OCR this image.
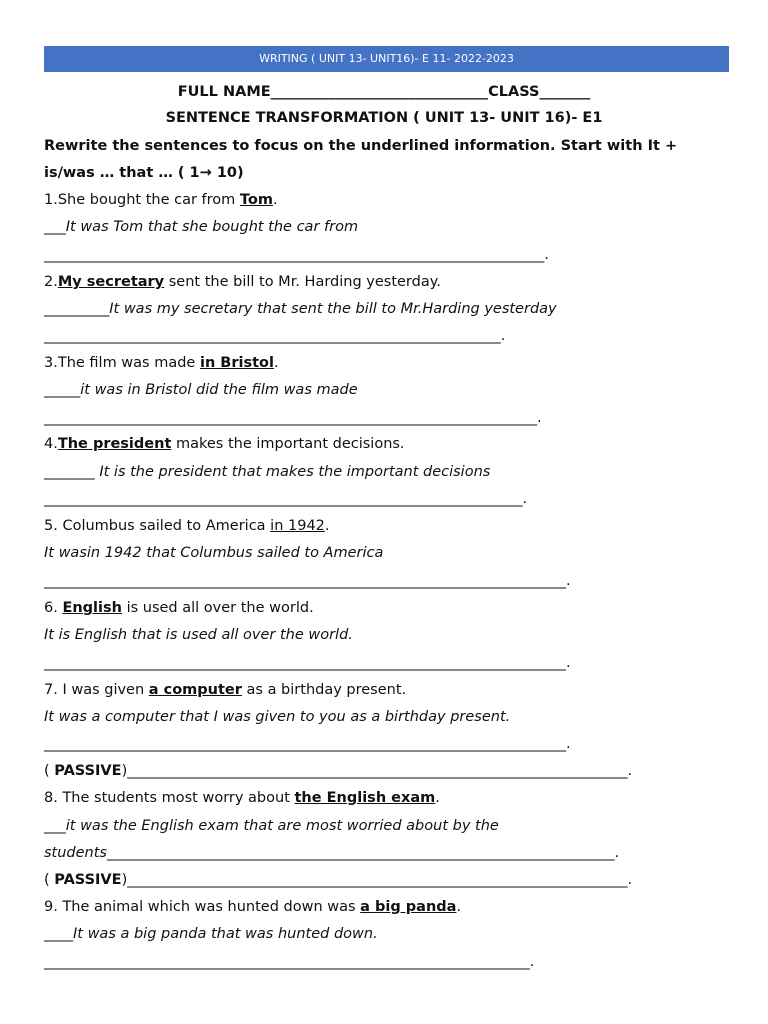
WRITING ( UNIT 13- UNIT16)- E 11- 2022-2023
FULL NAME______________________________CLASS_______
SENTENCE TRANSFORMATION ( UNIT 13- UNIT 16)- E1
Rewrite the sentences to focus on the underlined information. Start with It +
is/was … that … ( 1→ 10)
1.She bought the car from Tom.
___It was Tom that she bought the car from
_____________________________________________________________________.
2.My secretary sent the bill to Mr. Harding yesterday.
_________It was my secretary that sent the bill to Mr.Harding yesterday
_______________________________________________________________.
3.The film was made in Bristol.
_____it was in Bristol did the film was made
____________________________________________________________________.
4.The president makes the important decisions.
_______ It is the president that makes the important decisions
__________________________________________________________________.
5. Columbus sailed to America in 1942.
It wasin 1942 that Columbus sailed to America
________________________________________________________________________.
6. English is used all over the world.
It is English that is used all over the world.
________________________________________________________________________.
7. I was given a computer as a birthday present.
It was a computer that I was given to you as a birthday present.
________________________________________________________________________.
( PASSIVE)_____________________________________________________________________.
8. The students most worry about the English exam.
___it was the English exam that are most worried about by the
students______________________________________________________________________.
( PASSIVE)_____________________________________________________________________.
9. The animal which was hunted down was a big panda.
____It was a big panda that was hunted down.
___________________________________________________________________.
